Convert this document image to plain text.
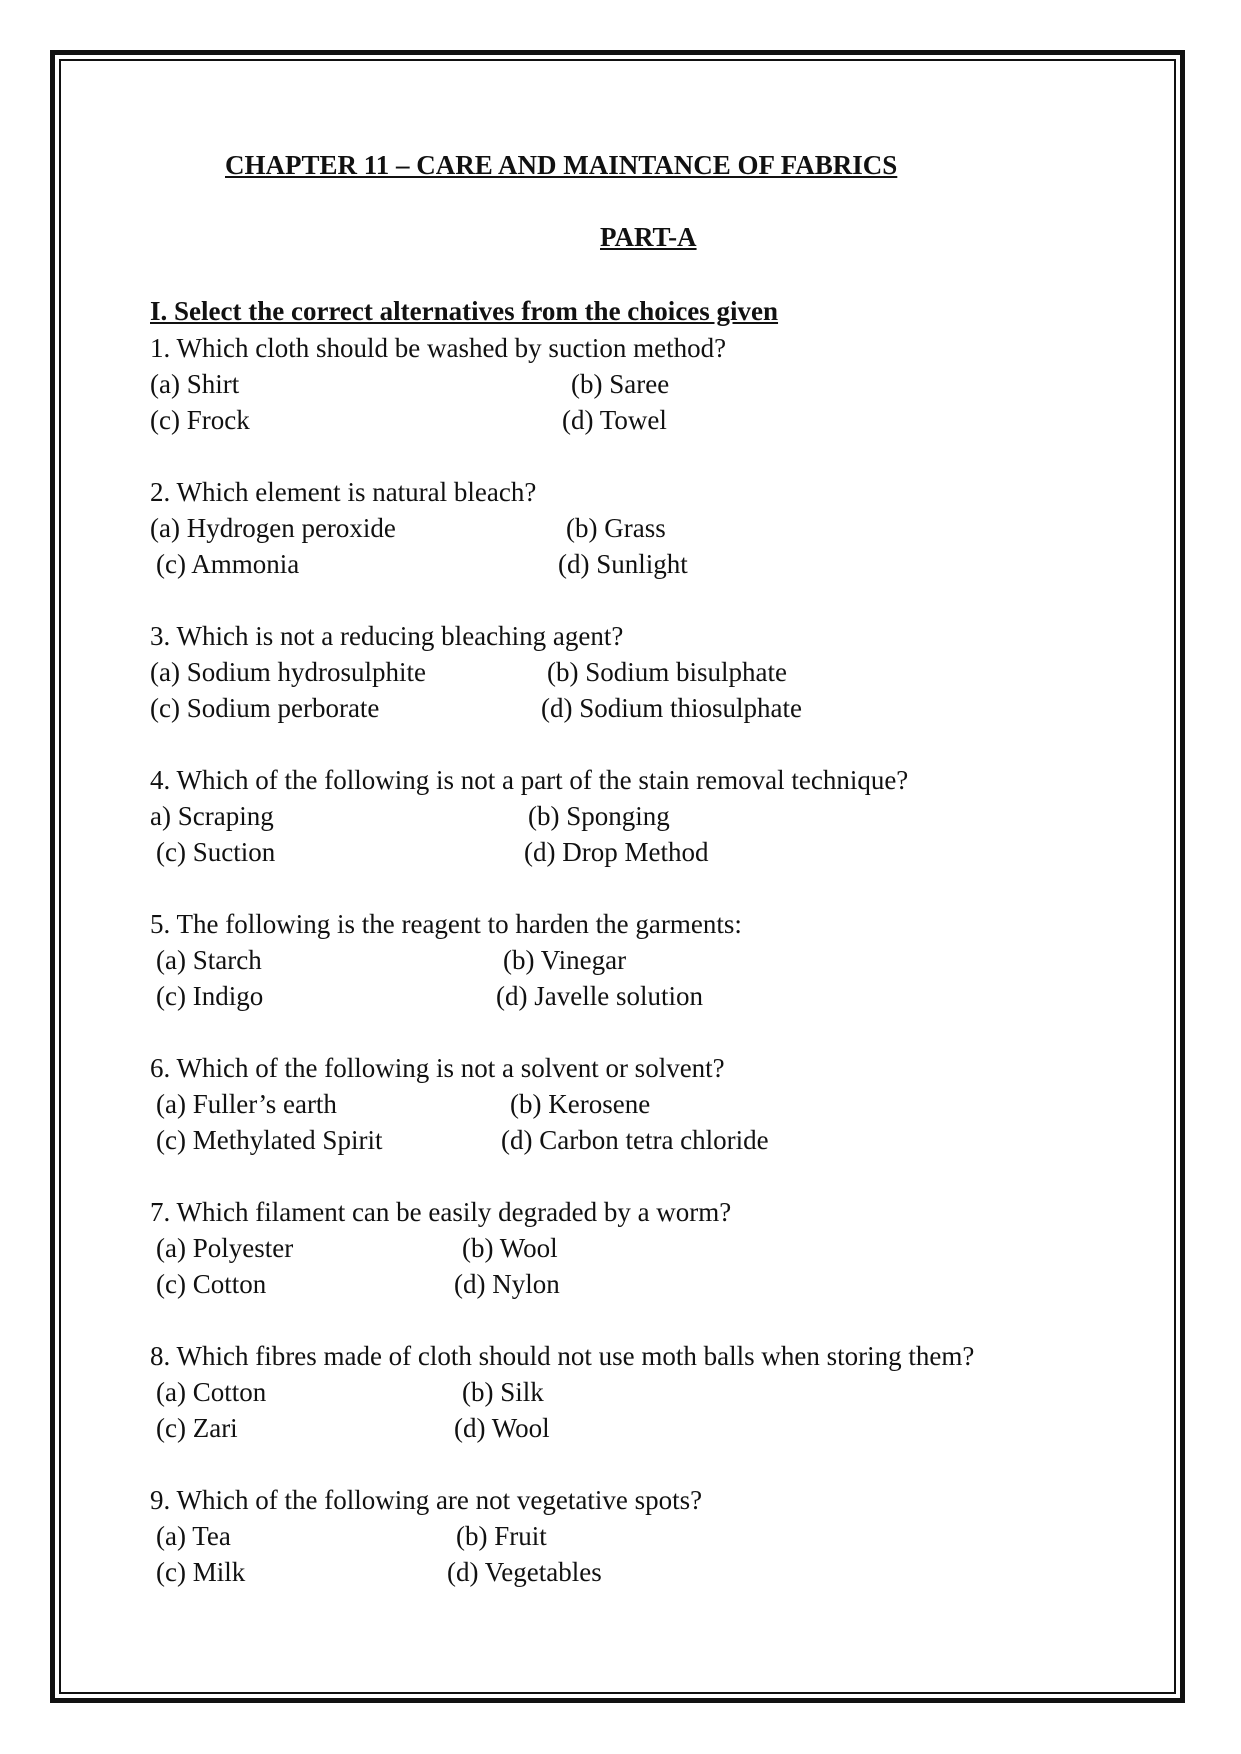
CHAPTER 11 – CARE AND MAINTANCE OF FABRICS
PART-A
I. Select the correct alternatives from the choices given
1. Which cloth should be washed by suction method?
(a) Shirt	(b) Saree
(c) Frock	(d) Towel
2. Which element is natural bleach?
(a) Hydrogen peroxide	(b) Grass
(c) Ammonia	(d) Sunlight
3. Which is not a reducing bleaching agent?
(a) Sodium hydrosulphite	(b) Sodium bisulphate
(c) Sodium perborate	(d) Sodium thiosulphate
4. Which of the following is not a part of the stain removal technique?
a) Scraping	(b) Sponging
(c) Suction	(d) Drop Method
5. The following is the reagent to harden the garments:
(a) Starch	(b) Vinegar
(c) Indigo	(d) Javelle solution
6. Which of the following is not a solvent or solvent?
(a) Fuller’s earth	(b) Kerosene
(c) Methylated Spirit	(d) Carbon tetra chloride
7. Which filament can be easily degraded by a worm?
(a) Polyester	(b) Wool
(c) Cotton	(d) Nylon
8. Which fibres made of cloth should not use moth balls when storing them?
(a) Cotton	(b) Silk
(c) Zari	(d) Wool
9. Which of the following are not vegetative spots?
(a) Tea	(b) Fruit
(c) Milk	(d) Vegetables
